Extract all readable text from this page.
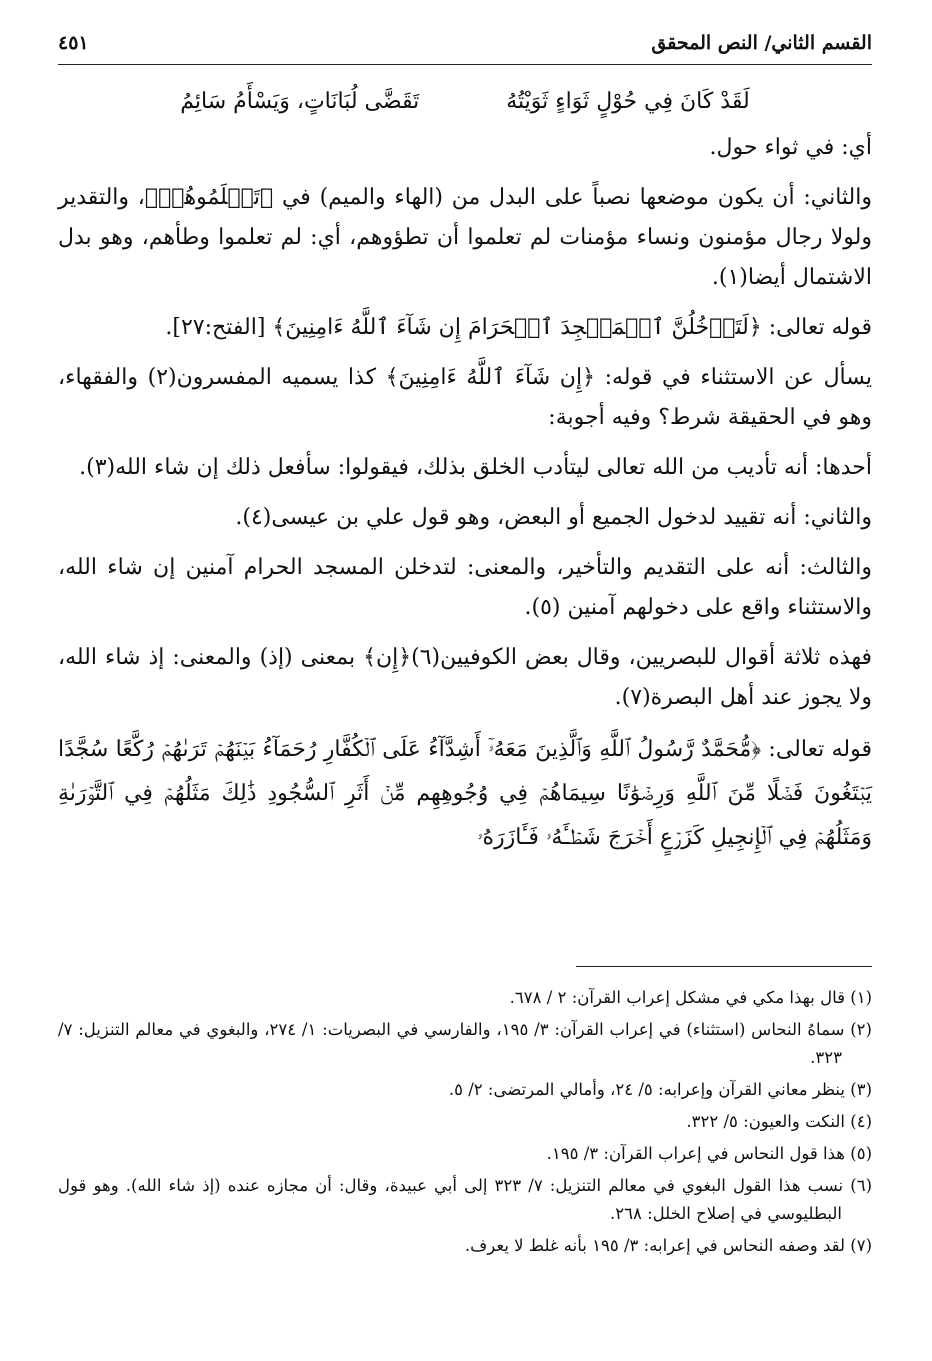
القسم الثاني/ النص المحقق
٤٥١
لَقَدْ كَانَ فِي حُوْلٍ ثَوَاءٍ ثَوَيْتُهُ تَقَضَّى لُبَانَاتٍ، وَيَسْأَمُ سَائِمُ

أي: في ثواء حول.

والثاني: أن يكون موضعها نصباً على البدل من (الهاء والميم) في ﴿تَعۡلَمُوهُمۡ﴾، والتقدير ولولا رجال مؤمنون ونساء مؤمنات لم تعلموا أن تطؤوهم، أي: لم تعلموا وطأهم، وهو بدل الاشتمال أيضا(١).

قوله تعالى: ﴿لَتَدۡخُلُنَّ ٱلۡمَسۡجِدَ ٱلۡحَرَامَ إِن شَآءَ ٱللَّهُ ءَامِنِينَ﴾ [الفتح:٢٧].

يسأل عن الاستثناء في قوله: ﴿إِن شَآءَ ٱللَّهُ ءَامِنِينَ﴾ كذا يسميه المفسرون(٢) والفقهاء، وهو في الحقيقة شرط؟ وفيه أجوبة:

أحدها: أنه تأديب من الله تعالى ليتأدب الخلق بذلك، فيقولوا: سأفعل ذلك إن شاء الله(٣).

والثاني: أنه تقييد لدخول الجميع أو البعض، وهو قول علي بن عيسى(٤).

والثالث: أنه على التقديم والتأخير، والمعنى: لتدخلن المسجد الحرام آمنين إن شاء الله، والاستثناء واقع على دخولهم آمنين (٥).

فهذه ثلاثة أقوال للبصريين، وقال بعض الكوفيين(٦)﴿إِن﴾ بمعنى (إذ) والمعنى: إذ شاء الله، ولا يجوز عند أهل البصرة(٧).

قوله تعالى: ﴿مُّحَمَّدٌ رَّسُولُ ٱللَّهِ وَٱلَّذِينَ مَعَهُۥٓ أَشِدَّآءُ عَلَى ٱلۡكُفَّارِ رُحَمَآءُ بَيۡنَهُمۡ تَرَىٰهُمۡ رُكَّعًا سُجَّدًا يَبۡتَغُونَ فَضۡلًا مِّنَ ٱللَّهِ وَرِضۡوَٰنًا سِيمَاهُمۡ فِي وُجُوهِهِم مِّنۡ أَثَرِ ٱلسُّجُودِ ذَٰلِكَ مَثَلُهُمۡ فِي ٱلتَّوۡرَىٰةِ وَمَثَلُهُمۡ فِي ٱلۡإِنجِيلِ كَزَرۡعٍ أَخۡرَجَ شَطۡـَٔهُۥ فَـَٔازَرَهُۥ

(١) قال بهذا مكي في مشكل إعراب القرآن: ٢ / ٦٧٨.
(٢) سماهُ النحاس (استثناء) في إعراب القرآن: ٣/ ١٩٥، والفارسي في البصريات: ١/ ٢٧٤، والبغوي في معالم التنزيل: ٧/ ٣٢٣.
(٣) ينظر معاني القرآن وإعرابه: ٥/ ٢٤، وأمالي المرتضى: ٢/ ٥.
(٤) النكت والعيون: ٥/ ٣٢٢.
(٥) هذا قول النحاس في إعراب القرآن: ٣/ ١٩٥.
(٦) نسب هذا القول البغوي في معالم التنزيل: ٧/ ٣٢٣ إلى أبي عبيدة، وقال: أن مجازه عنده (إذ شاء الله). وهو قول البطليوسي في إصلاح الخلل: ٢٦٨.
(٧) لقد وصفه النحاس في إعرابه: ٣/ ١٩٥ بأنه غلط لا يعرف.
